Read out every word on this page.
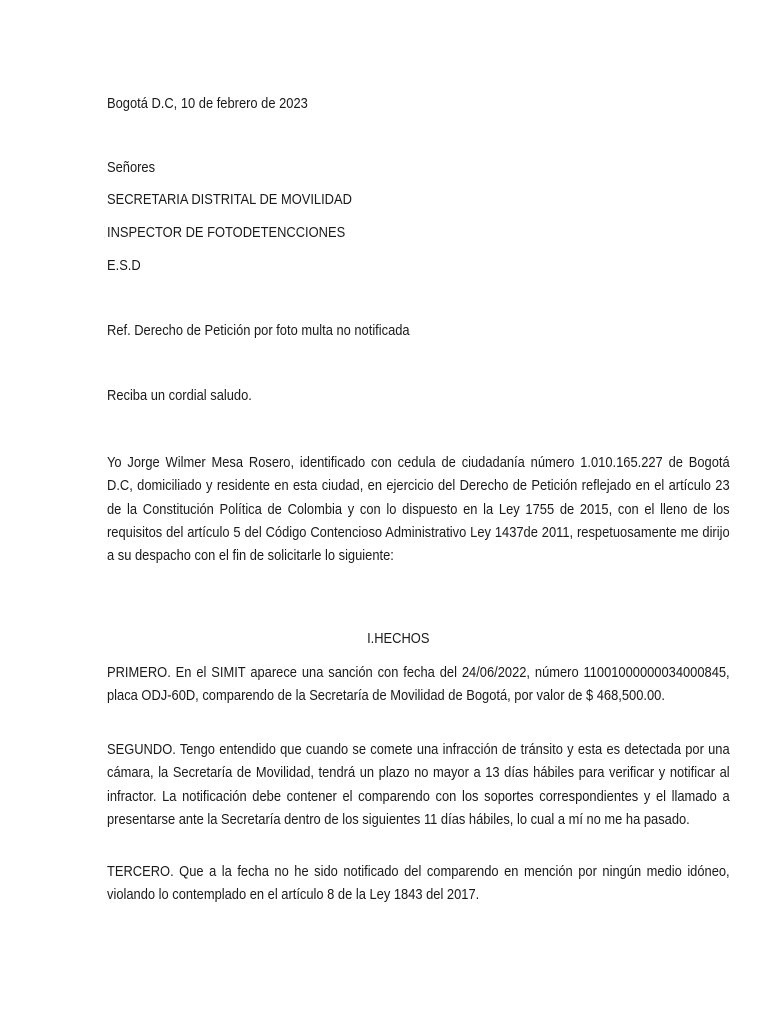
Bogotá D.C, 10 de febrero de 2023

Señores

SECRETARIA DISTRITAL DE MOVILIDAD

INSPECTOR DE FOTODETENCCIONES

E.S.D

Ref. Derecho de Petición por foto multa no notificada

Reciba un cordial saludo.

Yo Jorge Wilmer Mesa Rosero, identificado con cedula de ciudadanía número 1.010.165.227 de Bogotá D.C, domiciliado y residente en esta ciudad, en ejercicio del Derecho de Petición reflejado en el artículo 23 de la Constitución Política de Colombia y con lo dispuesto en la Ley 1755 de 2015, con el lleno de los requisitos del artículo 5 del Código Contencioso Administrativo Ley 1437de 2011, respetuosamente me dirijo a su despacho con el fin de solicitarle lo siguiente:

I.HECHOS

PRIMERO. En el SIMIT aparece una sanción con fecha del 24/06/2022, número 11001000000034000845, placa ODJ-60D, comparendo de la Secretaría de Movilidad de Bogotá, por valor de $ 468,500.00.
SEGUNDO. Tengo entendido que cuando se comete una infracción de tránsito y esta es detectada por una cámara, la Secretaría de Movilidad, tendrá un plazo no mayor a 13 días hábiles para verificar y notificar al infractor. La notificación debe contener el comparendo con los soportes correspondientes y el llamado a presentarse ante la Secretaría dentro de los siguientes 11 días hábiles, lo cual a mí no me ha pasado.
TERCERO. Que a la fecha no he sido notificado del comparendo en mención por ningún medio idóneo, violando lo contemplado en el artículo 8 de la Ley 1843 del 2017.
